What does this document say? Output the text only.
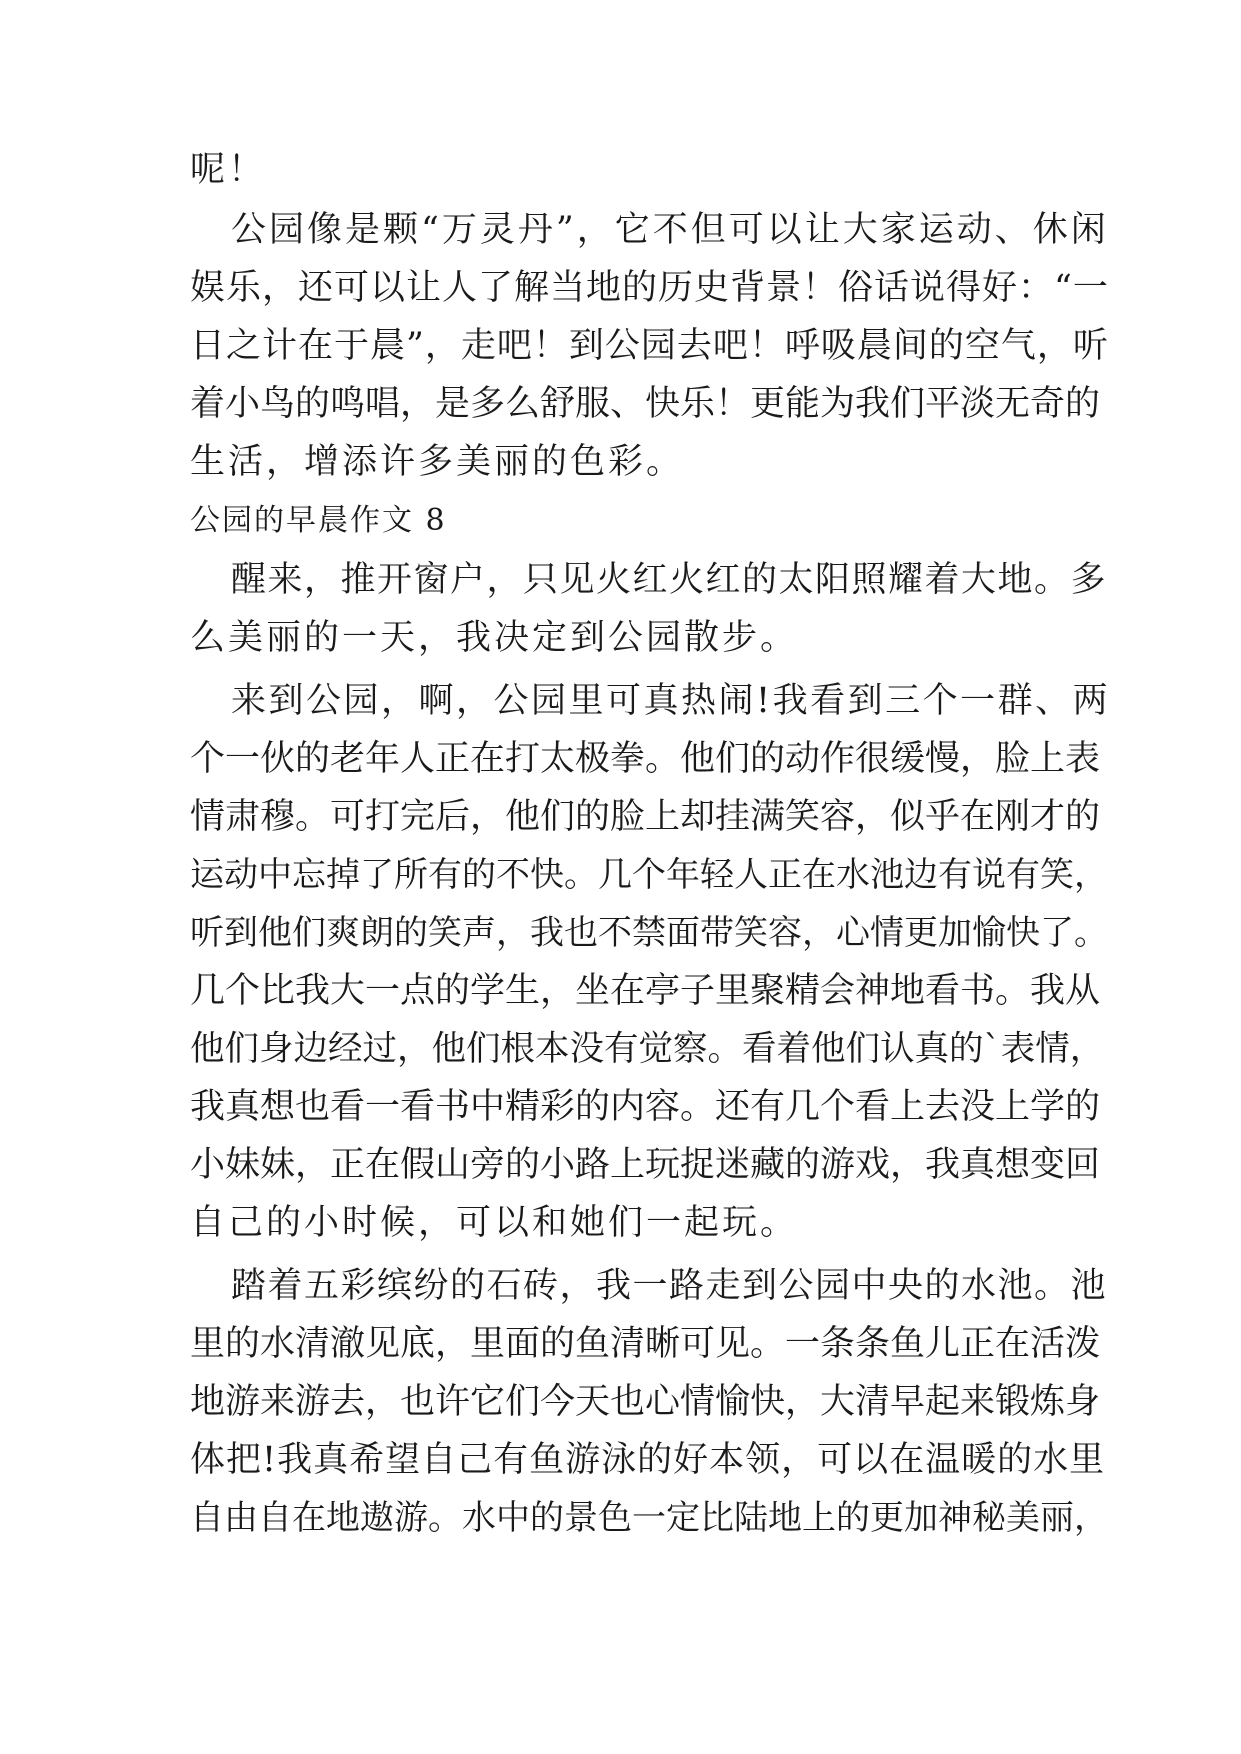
呢！
公园像是颗“万灵丹”，它不但可以让大家运动、休闲
娱乐，还可以让人了解当地的历史背景！俗话说得好：“一
日之计在于晨”，走吧！到公园去吧！呼吸晨间的空气，听
着小鸟的鸣唱，是多么舒服、快乐！更能为我们平淡无奇的
生活，增添许多美丽的色彩。
公园的早晨作文 8
醒来，推开窗户，只见火红火红的太阳照耀着大地。多
么美丽的一天，我决定到公园散步。
来到公园，啊，公园里可真热闹!我看到三个一群、两
个一伙的老年人正在打太极拳。他们的动作很缓慢，脸上表
情肃穆。可打完后，他们的脸上却挂满笑容，似乎在刚才的
运动中忘掉了所有的不快。几个年轻人正在水池边有说有笑，
听到他们爽朗的笑声，我也不禁面带笑容，心情更加愉快了。
几个比我大一点的学生，坐在亭子里聚精会神地看书。我从
他们身边经过，他们根本没有觉察。看着他们认真的`表情，
我真想也看一看书中精彩的内容。还有几个看上去没上学的
小妹妹，正在假山旁的小路上玩捉迷藏的游戏，我真想变回
自己的小时候，可以和她们一起玩。
踏着五彩缤纷的石砖，我一路走到公园中央的水池。池
里的水清澈见底，里面的鱼清晰可见。一条条鱼儿正在活泼
地游来游去，也许它们今天也心情愉快，大清早起来锻炼身
体把!我真希望自己有鱼游泳的好本领，可以在温暖的水里
自由自在地遨游。水中的景色一定比陆地上的更加神秘美丽，
